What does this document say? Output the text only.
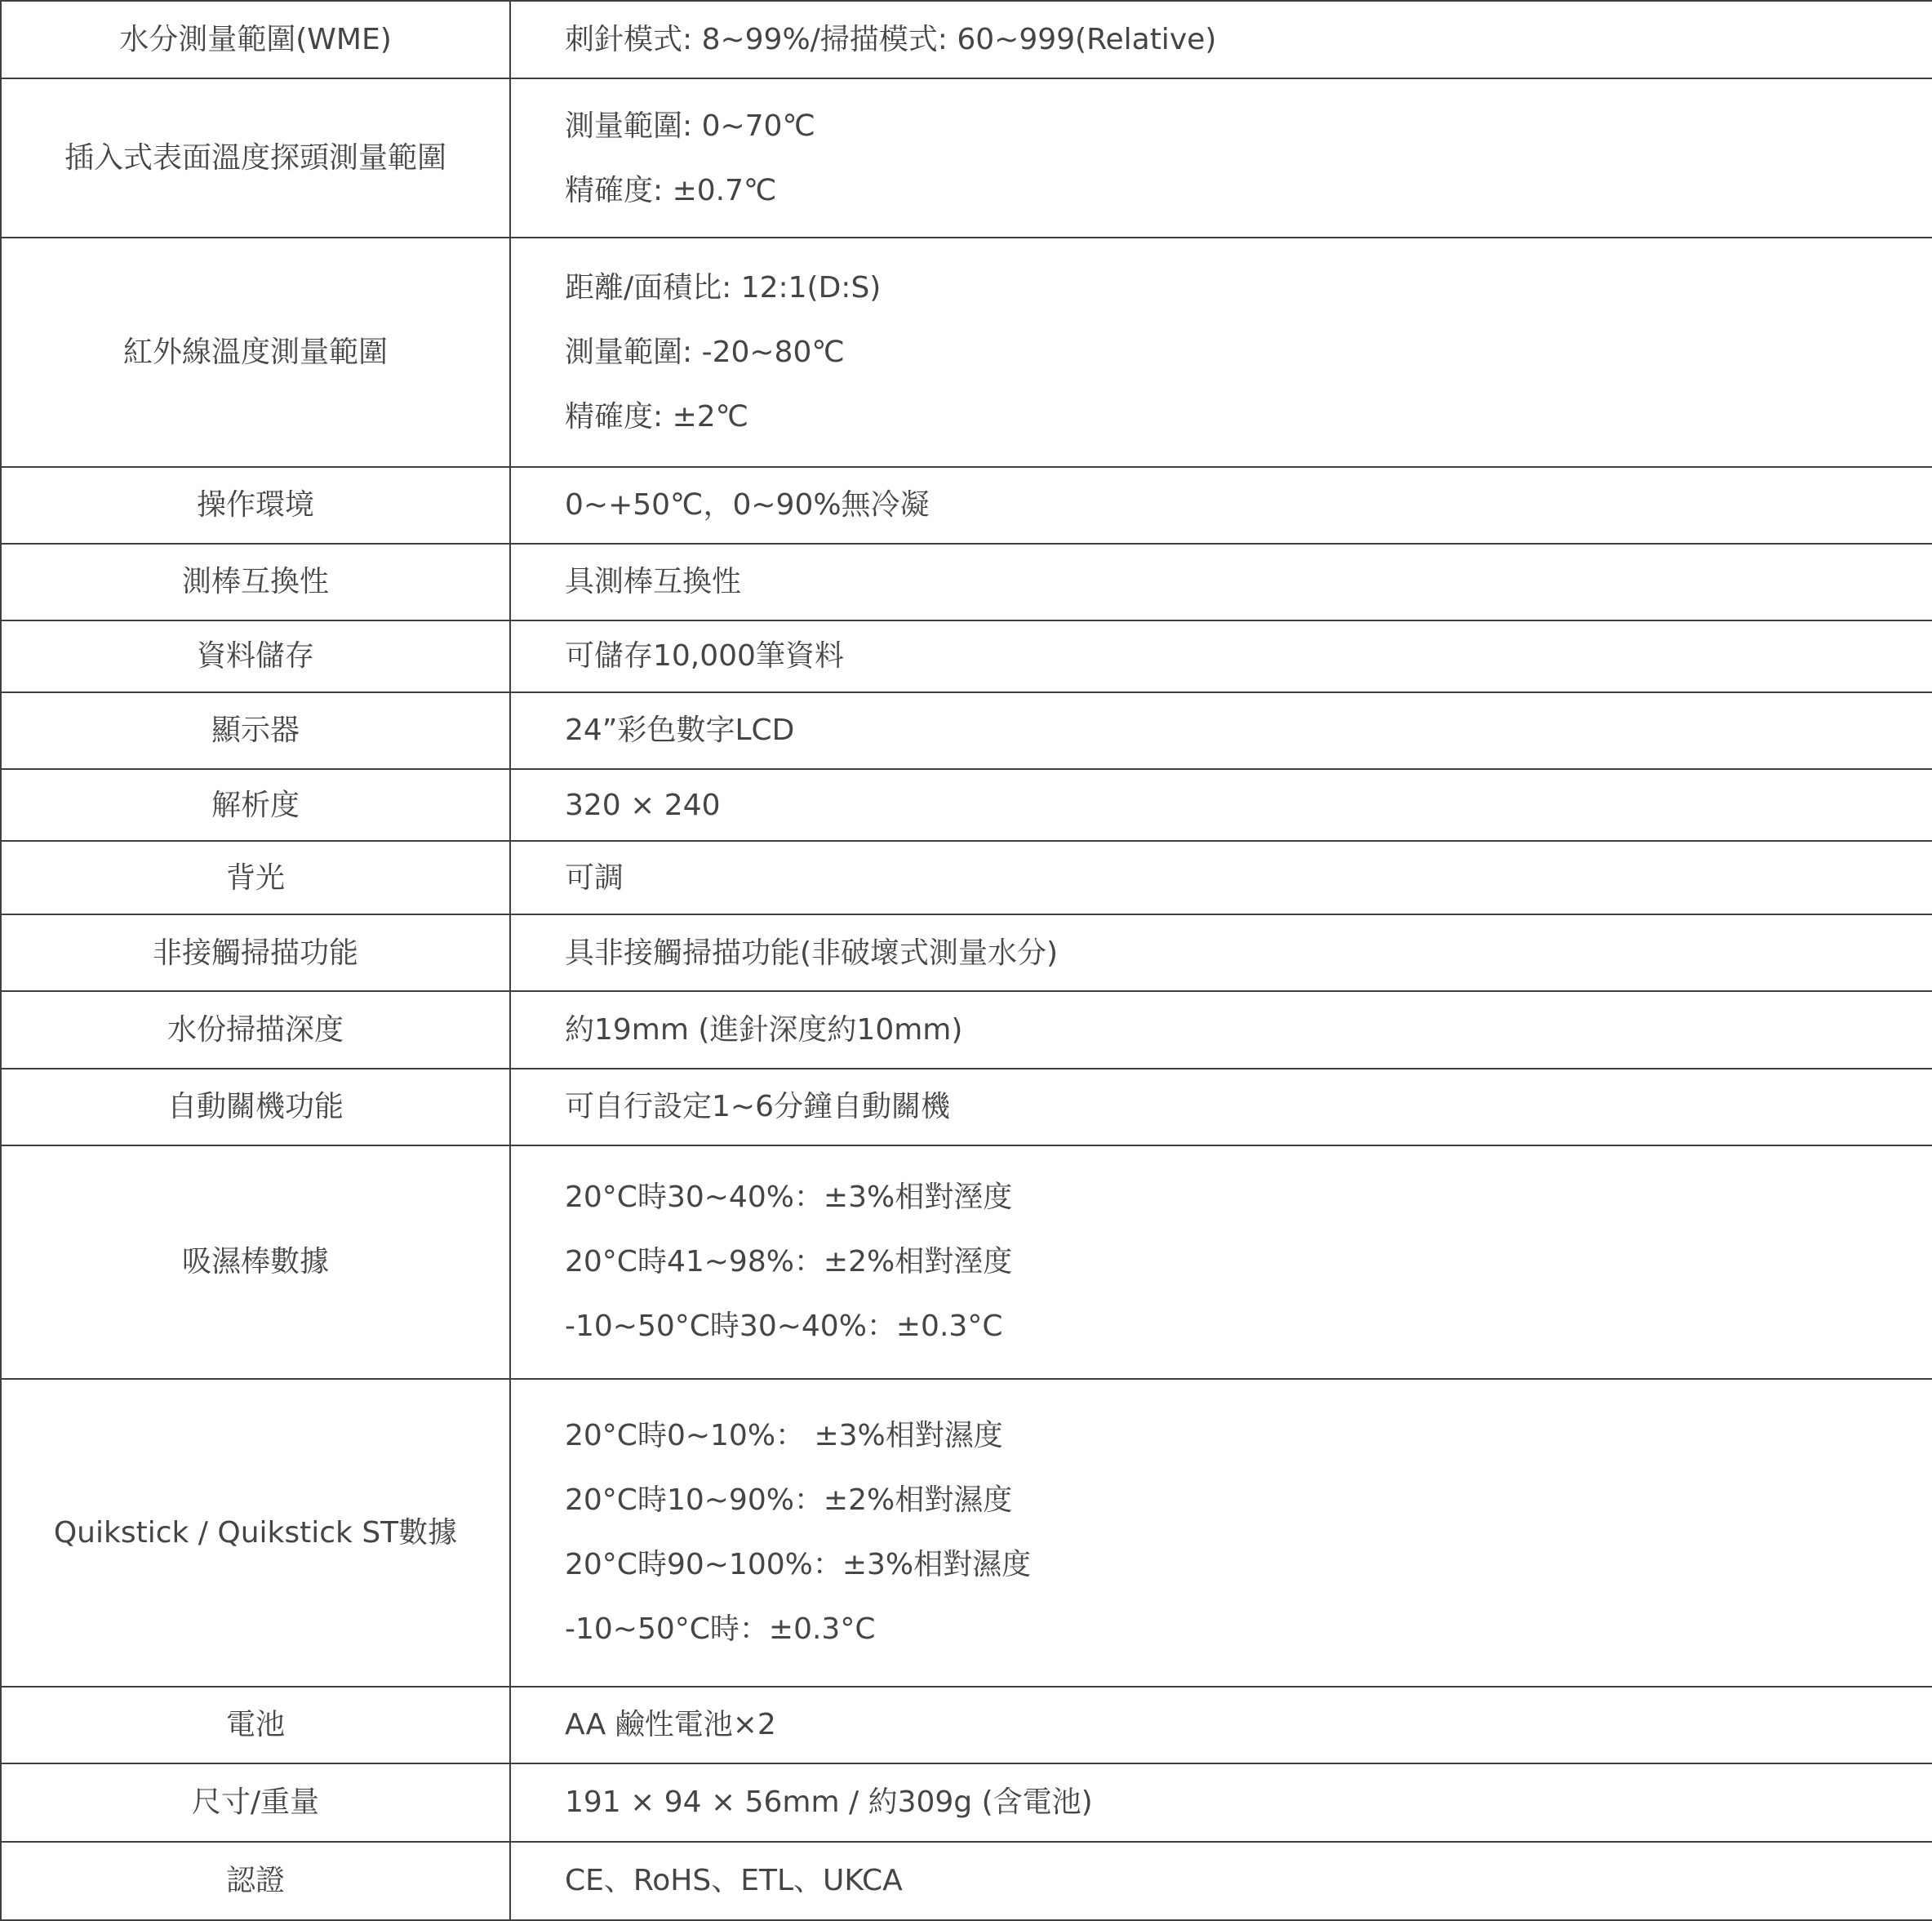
水分測量範圍(WME)	刺針模式: 8~99%/掃描模式: 60~999(Relative)

插入式表面溫度探頭測量範圍	測量範圍: 0~70℃
精確度: ±0.7℃

紅外線溫度測量範圍	距離/面積比: 12:1(D:S)
測量範圍: -20~80℃
精確度: ±2℃

操作環境	0~+50℃，0~90%無冷凝

測棒互換性	具測棒互換性

資料儲存	可儲存10,000筆資料

顯示器	24”彩色數字LCD

解析度	320 × 240

背光	可調

非接觸掃描功能	具非接觸掃描功能(非破壞式測量水分)

水份掃描深度	約19mm (進針深度約10mm)

自動關機功能	可自行設定1~6分鐘自動關機

吸濕棒數據	20°C時30~40%：±3%相對溼度
20°C時41~98%：±2%相對溼度
-10~50°C時30~40%：±0.3°C

Quikstick / Quikstick ST數據	20°C時0~10%： ±3%相對濕度
20°C時10~90%：±2%相對濕度
20°C時90~100%：±3%相對濕度
-10~50°C時：±0.3°C

電池	AA 鹼性電池×2

尺寸/重量	191 × 94 × 56mm / 約309g (含電池)

認證	CE、RoHS、ETL、UKCA
